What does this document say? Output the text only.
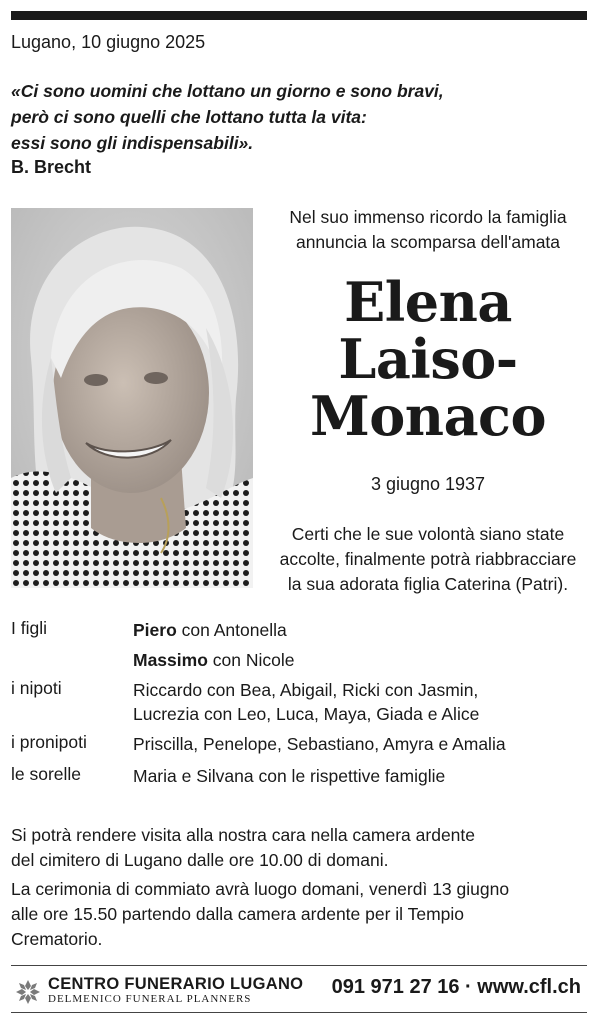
Lugano, 10 giugno 2025
«Ci sono uomini che lottano un giorno e sono bravi,
però ci sono quelli che lottano tutta la vita:
essi sono gli indispensabili».
B. Brecht
Nel suo immenso ricordo la famiglia
annuncia la scomparsa dell'amata
Elena
Laiso-
Monaco
3 giugno 1937
Certi che le sue volontà siano state
accolte, finalmente potrà riabbracciare
la sua adorata figlia Caterina (Patri).
I figli	Piero con Antonella
Massimo con Nicole
i nipoti	Riccardo con Bea, Abigail, Ricki con Jasmin,
Lucrezia con Leo, Luca, Maya, Giada e Alice
i pronipoti	Priscilla, Penelope, Sebastiano, Amyra e Amalia
le sorelle	Maria e Silvana con le rispettive famiglie
Si potrà rendere visita alla nostra cara nella camera ardente
del cimitero di Lugano dalle ore 10.00 di domani.
La cerimonia di commiato avrà luogo domani, venerdì 13 giugno
alle ore 15.50 partendo dalla camera ardente per il Tempio
Crematorio.
CENTRO FUNERARIO LUGANO
DELMENICO FUNERAL PLANNERS
091 971 27 16 · www.cfl.ch
